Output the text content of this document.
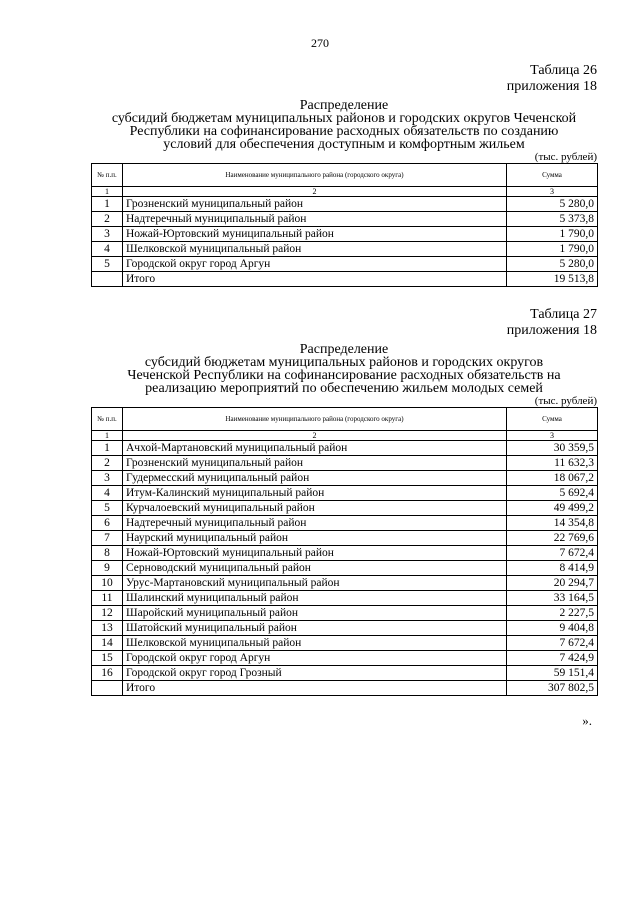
270
Таблица 26
приложения 18
Распределение
субсидий бюджетам муниципальных районов и городских округов Чеченской
Республики на софинансирование расходных обязательств по созданию
условий для обеспечения доступным и комфортным жильем
(тыс. рублей)
№ п.п.	Наименование муниципального района (городского округа)	Сумма
1	2	3
1	Грозненский муниципальный район	5 280,0
2	Надтеречный муниципальный район	5 373,8
3	Ножай-Юртовский муниципальный район	1 790,0
4	Шелковской муниципальный район	1 790,0
5	Городской округ город Аргун	5 280,0
	Итого	19 513,8
Таблица 27
приложения 18
Распределение
субсидий бюджетам муниципальных районов и городских округов
Чеченской Республики на софинансирование расходных обязательств на
реализацию мероприятий по обеспечению жильем молодых семей
(тыс. рублей)
№ п.п.	Наименование муниципального района (городского округа)	Сумма
1	2	3
1	Ачхой-Мартановский муниципальный район	30 359,5
2	Грозненский муниципальный район	11 632,3
3	Гудермесский муниципальный район	18 067,2
4	Итум-Калинский муниципальный район	5 692,4
5	Курчалоевский муниципальный район	49 499,2
6	Надтеречный муниципальный район	14 354,8
7	Наурский муниципальный район	22 769,6
8	Ножай-Юртовский муниципальный район	7 672,4
9	Серноводский муниципальный район	8 414,9
10	Урус-Мартановский муниципальный район	20 294,7
11	Шалинский муниципальный район	33 164,5
12	Шаройский муниципальный район	2 227,5
13	Шатойский муниципальный район	9 404,8
14	Шелковской муниципальный район	7 672,4
15	Городской округ город Аргун	7 424,9
16	Городской округ город Грозный	59 151,4
	Итого	307 802,5
».
